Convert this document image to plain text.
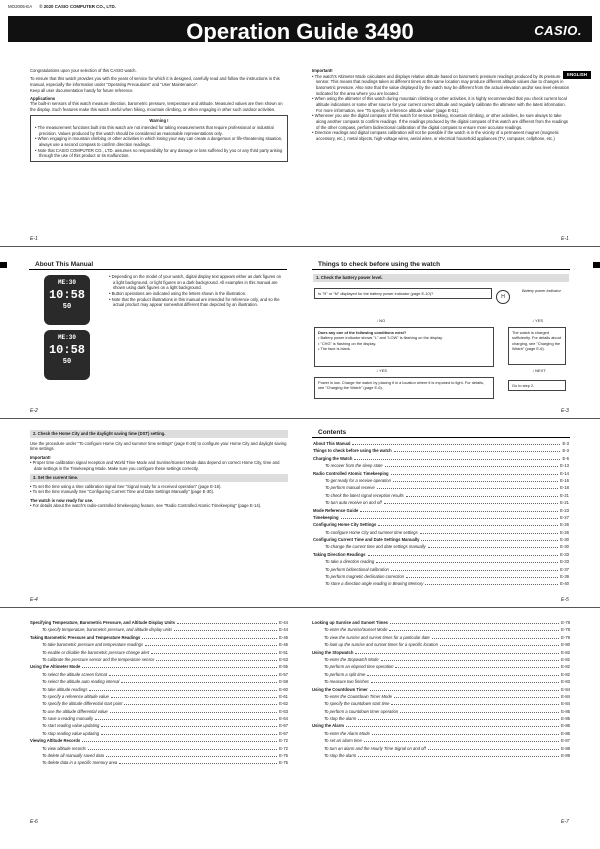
MO2005-EA © 2020 CASIO COMPUTER CO., LTD.
Operation Guide 3490	CASIO.
ENGLISH
Congratulations upon your selection of this CASIO watch.
To ensure that this watch provides you with the years of service for which it is designed, carefully read and follow the instructions in this manual, especially the information under "Operating Precautions" and "User Maintenance".
Keep all user documentation handy for future reference.
Applications
The built-in sensors of this watch measure direction, barometric pressure, temperature and altitude. Measured values are then shown on the display. Such features make this watch useful when hiking, mountain climbing, or when engaging in other such outdoor activities.
Warning !
• The measurement functions built into this watch are not intended for taking measurements that require professional or industrial precision. Values produced by this watch should be considered as reasonable representations only.
• When engaging in mountain climbing or other activities in which losing your way can create a dangerous or life-threatening situation, always use a second compass to confirm direction readings.
• Note that CASIO COMPUTER CO., LTD. assumes no responsibility for any damage or loss suffered by you or any third party arising through the use of this product or its malfunction.
Important!
• The watch's Altimeter Mode calculates and displays relative altitude based on barometric pressure readings produced by its pressure sensor. This means that readings taken at different times at the same location may produce different altitude values due to changes in barometric pressure. Also note that the value displayed by the watch may be different from the actual elevation and/or sea level elevation indicated for the area where you are located.
• When using the altimeter of this watch during mountain climbing or other activities, it is highly recommended that you check current local altitude indications or some other source for your current correct altitude and regularly calibrate the altimeter with the latest information. For more information, see "To specify a reference altitude value" (page E-51).
• Whenever you use the digital compass of this watch for serious trekking, mountain climbing, or other activities, be sure always to take along another compass to confirm readings. If the readings produced by the digital compass of this watch are different from the readings of the other compass, perform bidirectional calibration of the digital compass to ensure more accurate readings.
• Direction readings and digital compass calibration will not be possible if the watch is in the vicinity of a permanent magnet (magnetic accessory, etc.), metal objects, high-voltage wires, aerial wires, or electrical household appliances (TV, computer, cellphone, etc.)
E-1	E-1
About This Manual
ME:30
10:58
50
ME:30
10:58
50
• Depending on the model of your watch, digital display text appears either as dark figures on a light background, or light figures on a dark background. All examples in this manual are shown using dark figures on a light background.
• Button operations are indicated using the letters shown in the illustration.
• Note that the product illustrations in this manual are intended for reference only, and so the actual product may appear somewhat different than depicted by an illustration.
Things to check before using the watch
1. Check the battery power level.
Is "H" or "M" displayed for the battery power indicator (page E-10)?
H
Battery power indicator
↓ NO	↓ YES
Does any one of the following conditions exist?
• Battery power indicator shows "L" and "LOW" is flashing on the display.
• "CHG" is flashing on the display.
• The face is blank.
The watch is charged sufficiently. For details about charging, see "Charging the Watch" (page E-6).
↓ YES	↓ NEXT
Power is low. Charge the watch by placing it in a location where it is exposed to light. For details, see "Charging the Watch" (page E-6).	Go to step 2.
E-2	E-3
2. Check the Home City and the daylight saving time (DST) setting.
Use the procedure under "To configure Home City and summer time settings" (page E-26) to configure your Home City and daylight saving time settings.
Important!
• Proper time calibration signal reception and World Time Mode and Sunrise/Sunset Mode data depend on correct Home City, time and date settings in the Timekeeping Mode. Make sure you configure these settings correctly.
3. Set the current time.
• To set the time using a time calibration signal See "Signal ready for a received operation" (page E-16).
• To set the time manually See "Configuring Current Time and Date Settings Manually" (page E-30).
The watch is now ready for use.
• For details about the watch's radio-controlled timekeeping feature, see "Radio Controlled Atomic Timekeeping" (page E-14).
Contents
About This Manual	E-3
Things to check before using the watch	E-3
Charging the Watch	E-6
To recover from the sleep state	E-13
Radio Controlled Atomic Timekeeping	E-14
To get ready for a receive operation	E-16
To perform manual receive	E-18
To check the latest signal reception results	E-21
To turn auto receive on and off	E-21
Mode Reference Guide	E-23
Timekeeping	E-27
Configuring Home City Settings	E-26
To configure Home City and summer time settings	E-26
Configuring Current Time and Date Settings Manually	E-30
To change the current time and date settings manually	E-30
Taking Direction Readings	E-33
To take a direction reading	E-33
To perform bidirectional calibration	E-37
To perform magnetic declination correction	E-39
To store a direction angle reading in Bearing Memory	E-40
E-4	E-5
Specifying Temperature, Barometric Pressure, and Altitude Display Units	E-44
To specify temperature, barometric pressure, and altitude display units	E-44
Taking Barometric Pressure and Temperature Readings	E-46
To take barometric pressure and temperature readings	E-46
To enable or disable the barometric pressure change alert	E-51
To calibrate the pressure sensor and the temperature sensor	E-53
Using the Altimeter Mode	E-55
To select the altitude screen format	E-57
To select the altitude auto reading interval	E-58
To take altitude readings	E-60
To specify a reference altitude value	E-61
To specify the altitude differential start point	E-62
To use the altitude differential value	E-63
To save a reading manually	E-64
To start reading value updating	E-67
To stop reading value updating	E-67
Viewing Altitude Records	E-72
To view altitude records	E-72
To delete all manually saved data	E-75
To delete data in a specific memory area	E-75
Looking up Sunrise and Sunset Times	E-78
To enter the Sunrise/Sunset Mode	E-78
To view the sunrise and sunset times for a particular date	E-79
To look up the sunrise and sunset times for a specific location	E-80
Using the Stopwatch	E-82
To enter the Stopwatch Mode	E-82
To perform an elapsed time operation	E-82
To perform a split time	E-82
To measure two finishes	E-83
Using the Countdown Timer	E-84
To enter the Countdown Timer Mode	E-84
To specify the countdown start time	E-84
To perform a countdown timer operation	E-85
To stop the alarm	E-85
Using the Alarm	E-86
To enter the Alarm Mode	E-86
To set an alarm time	E-87
To turn an alarm and the Hourly Time Signal on and off	E-88
To stop the alarm	E-89
E-6	E-7
